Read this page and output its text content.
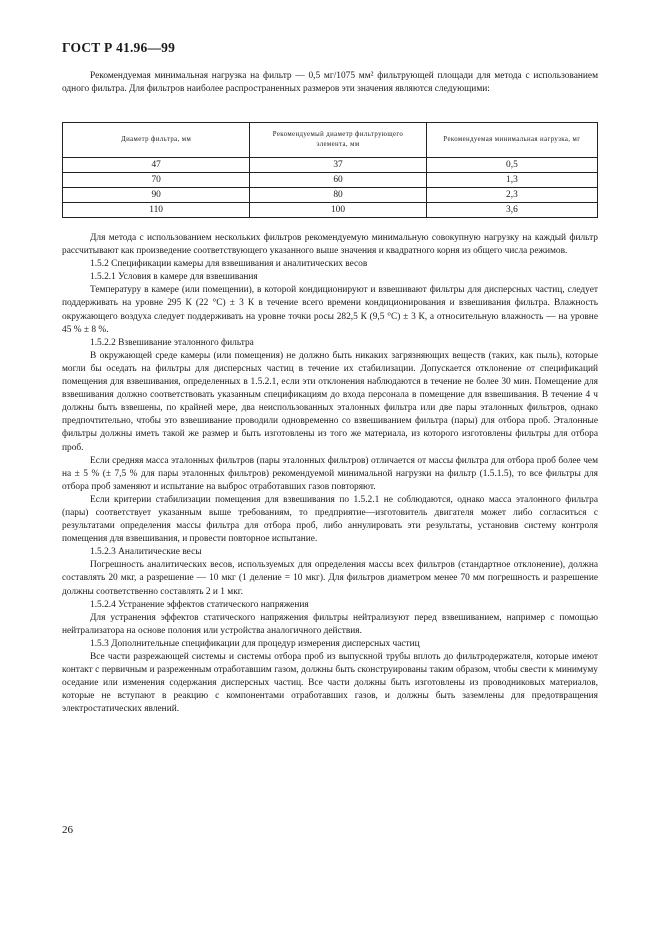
ГОСТ Р 41.96—99

Рекомендуемая минимальная нагрузка на фильтр — 0,5 мг/1075 мм² фильтрующей площади для метода с использованием одного фильтра. Для фильтров наиболее распространенных размеров эти значения являются следующими:

Диаметр фильтра, мм	Рекомендуемый диаметр фильтрующего элемента, мм	Рекомендуемая минимальная нагрузка, мг
47	37	0,5
70	60	1,3
90	80	2,3
110	100	3,6

Для метода с использованием нескольких фильтров рекомендуемую минимальную совокупную нагрузку на каждый фильтр рассчитывают как произведение соответствующего указанного выше значения и квадратного корня из общего числа режимов.

1.5.2 Спецификации камеры для взвешивания и аналитических весов

1.5.2.1 Условия в камере для взвешивания

Температуру в камере (или помещении), в которой кондиционируют и взвешивают фильтры для дисперсных частиц, следует поддерживать на уровне 295 К (22 °С) ± 3 К в течение всего времени кондиционирования и взвешивания фильтра. Влажность окружающего воздуха следует поддерживать на уровне точки росы 282,5 К (9,5 °С) ± 3 К, а относительную влажность — на уровне 45 % ± 8 %.

1.5.2.2 Взвешивание эталонного фильтра

В окружающей среде камеры (или помещения) не должно быть никаких загрязняющих веществ (таких, как пыль), которые могли бы оседать на фильтры для дисперсных частиц в течение их стабилизации. Допускается отклонение от спецификаций помещения для взвешивания, определенных в 1.5.2.1, если эти отклонения наблюдаются в течение не более 30 мин. Помещение для взвешивания должно соответствовать указанным спецификациям до входа персонала в помещение для взвешивания. В течение 4 ч должны быть взвешены, по крайней мере, два неиспользованных эталонных фильтра или две пары эталонных фильтров, однако предпочтительно, чтобы это взвешивание проводили одновременно со взвешиванием фильтра (пары) для отбора проб. Эталонные фильтры должны иметь такой же размер и быть изготовлены из того же материала, из которого изготовлены фильтры для отбора проб.

Если средняя масса эталонных фильтров (пары эталонных фильтров) отличается от массы фильтра для отбора проб более чем на ± 5 % (± 7,5 % для пары эталонных фильтров) рекомендуемой минимальной нагрузки на фильтр (1.5.1.5), то все фильтры для отбора проб заменяют и испытание на выброс отработавших газов повторяют.

Если критерии стабилизации помещения для взвешивания по 1.5.2.1 не соблюдаются, однако масса эталонного фильтра (пары) соответствует указанным выше требованиям, то предприятие—изготовитель двигателя может либо согласиться с результатами определения массы фильтра для отбора проб, либо аннулировать эти результаты, установив систему контроля помещения для взвешивания, и провести повторное испытание.

1.5.2.3 Аналитические весы

Погрешность аналитических весов, используемых для определения массы всех фильтров (стандартное отклонение), должна составлять 20 мкг, а разрешение — 10 мкг (1 деление = 10 мкг). Для фильтров диаметром менее 70 мм погрешность и разрешение должны соответственно составлять 2 и 1 мкг.

1.5.2.4 Устранение эффектов статического напряжения

Для устранения эффектов статического напряжения фильтры нейтрализуют перед взвешиванием, например с помощью нейтрализатора на основе полония или устройства аналогичного действия.

1.5.3 Дополнительные спецификации для процедур измерения дисперсных частиц

Все части разрежающей системы и системы отбора проб из выпускной трубы вплоть до фильтродержателя, которые имеют контакт с первичным и разреженным отработавшим газом, должны быть сконструированы таким образом, чтобы свести к минимуму оседание или изменения содержания дисперсных частиц. Все части должны быть изготовлены из проводниковых материалов, которые не вступают в реакцию с компонентами отработавших газов, и должны быть заземлены для предотвращения электростатических явлений.

26
